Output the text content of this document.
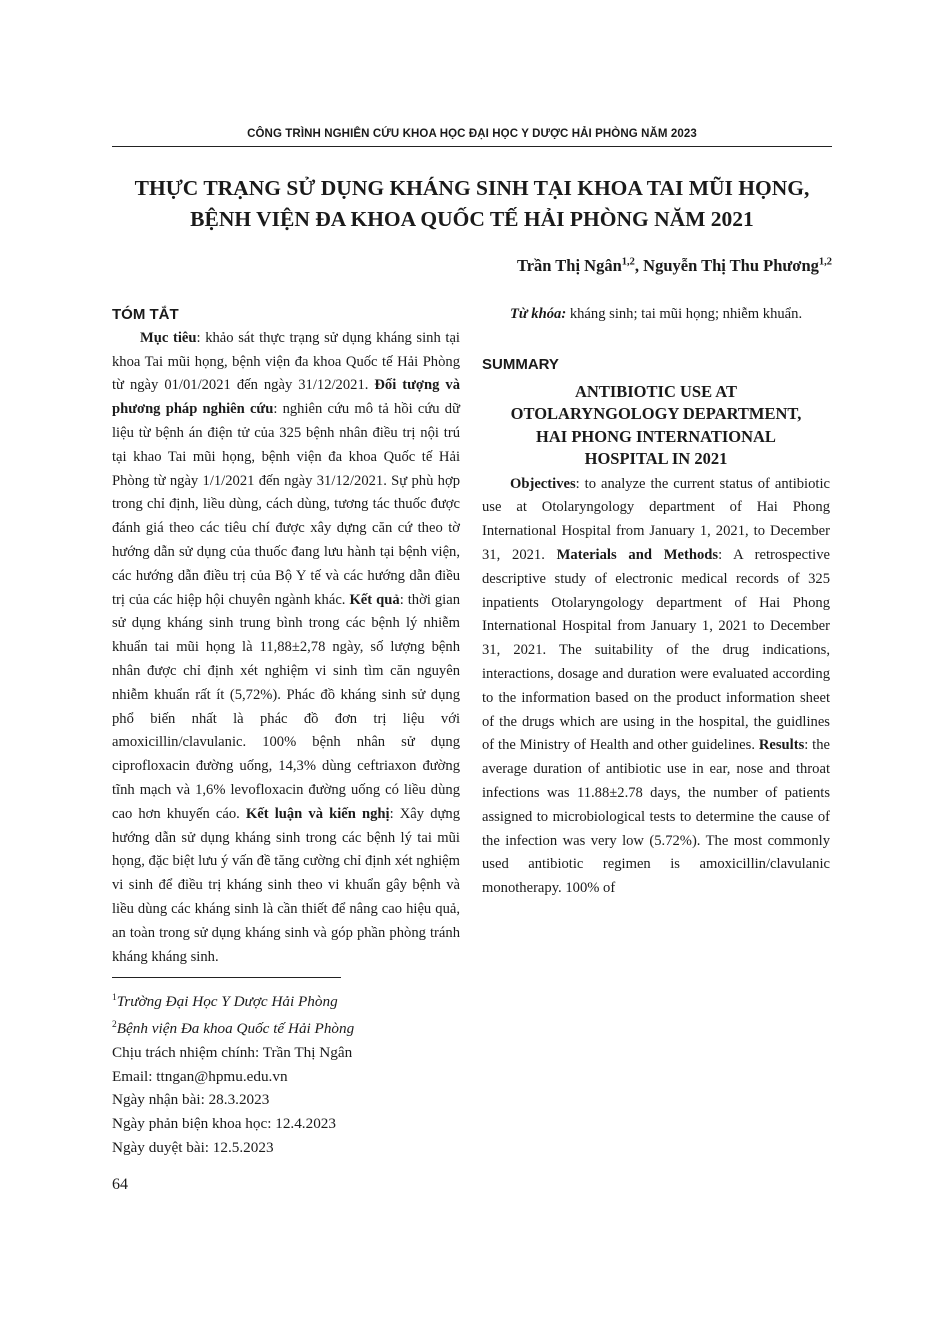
CÔNG TRÌNH NGHIÊN CỨU KHOA HỌC ĐẠI HỌC Y DƯỢC HẢI PHÒNG NĂM 2023
THỰC TRẠNG SỬ DỤNG KHÁNG SINH TẠI KHOA TAI MŨI HỌNG,
BỆNH VIỆN ĐA KHOA QUỐC TẾ HẢI PHÒNG NĂM 2021
Trần Thị Ngân$^{1,2}$, Nguyễn Thị Thu Phương$^{1,2}$
TÓM TẮT

Mục tiêu: khảo sát thực trạng sử dụng kháng sinh tại khoa Tai mũi họng, bệnh viện đa khoa Quốc tế Hải Phòng từ ngày 01/01/2021 đến ngày 31/12/2021. Đối tượng và phương pháp nghiên cứu: nghiên cứu mô tả hồi cứu dữ liệu từ bệnh án điện tử của 325 bệnh nhân điều trị nội trú tại khao Tai mũi họng, bệnh viện đa khoa Quốc tế Hải Phòng từ ngày 1/1/2021 đến ngày 31/12/2021. Sự phù hợp trong chỉ định, liều dùng, cách dùng, tương tác thuốc được đánh giá theo các tiêu chí được xây dựng căn cứ theo tờ hướng dẫn sử dụng của thuốc đang lưu hành tại bệnh viện, các hướng dẫn điều trị của Bộ Y tế và các hướng dẫn điều trị của các hiệp hội chuyên ngành khác. Kết quả: thời gian sử dụng kháng sinh trung bình trong các bệnh lý nhiễm khuẩn tai mũi họng là 11,88±2,78 ngày, số lượng bệnh nhân được chỉ định xét nghiệm vi sinh tìm căn nguyên nhiễm khuẩn rất ít (5,72%). Phác đồ kháng sinh sử dụng phổ biến nhất là phác đồ đơn trị liệu với amoxicillin/clavulanic. 100% bệnh nhân sử dụng ciprofloxacin đường uống, 14,3% dùng ceftriaxon đường tĩnh mạch và 1,6% levofloxacin đường uống có liều dùng cao hơn khuyến cáo. Kết luận và kiến nghị: Xây dựng hướng dẫn sử dụng kháng sinh trong các bệnh lý tai mũi họng, đặc biệt lưu ý vấn đề tăng cường chỉ định xét nghiệm vi sinh để điều trị kháng sinh theo vi khuẩn gây bệnh và liều dùng các kháng sinh là cần thiết để nâng cao hiệu quả, an toàn trong sử dụng kháng sinh và góp phần phòng tránh kháng kháng sinh.

$^1$Trường Đại Học Y Dược Hải Phòng
$^2$Bệnh viện Đa khoa Quốc tế Hải Phòng
Chịu trách nhiệm chính: Trần Thị Ngân
Email: ttngan@hpmu.edu.vn
Ngày nhận bài: 28.3.2023
Ngày phản biện khoa học: 12.4.2023
Ngày duyệt bài: 12.5.2023
64

Từ khóa: kháng sinh; tai mũi họng; nhiễm khuẩn.

SUMMARY
ANTIBIOTIC USE AT
OTOLARYNGOLOGY DEPARTMENT,
HAI PHONG INTERNATIONAL
HOSPITAL IN 2021

Objectives: to analyze the current status of antibiotic use at Otolaryngology department of Hai Phong International Hospital from January 1, 2021, to December 31, 2021. Materials and Methods: A retrospective descriptive study of electronic medical records of 325 inpatients Otolaryngology department of Hai Phong International Hospital from January 1, 2021 to December 31, 2021. The suitability of the drug indications, interactions, dosage and duration were evaluated according to the information based on the product information sheet of the drugs which are using in the hospital, the guidlines of the Ministry of Health and other guidelines. Results: the average duration of antibiotic use in ear, nose and throat infections was 11.88±2.78 days, the number of patients assigned to microbiological tests to determine the cause of the infection was very low (5.72%). The most commonly used antibiotic regimen is amoxicillin/clavulanic monotherapy. 100% of
